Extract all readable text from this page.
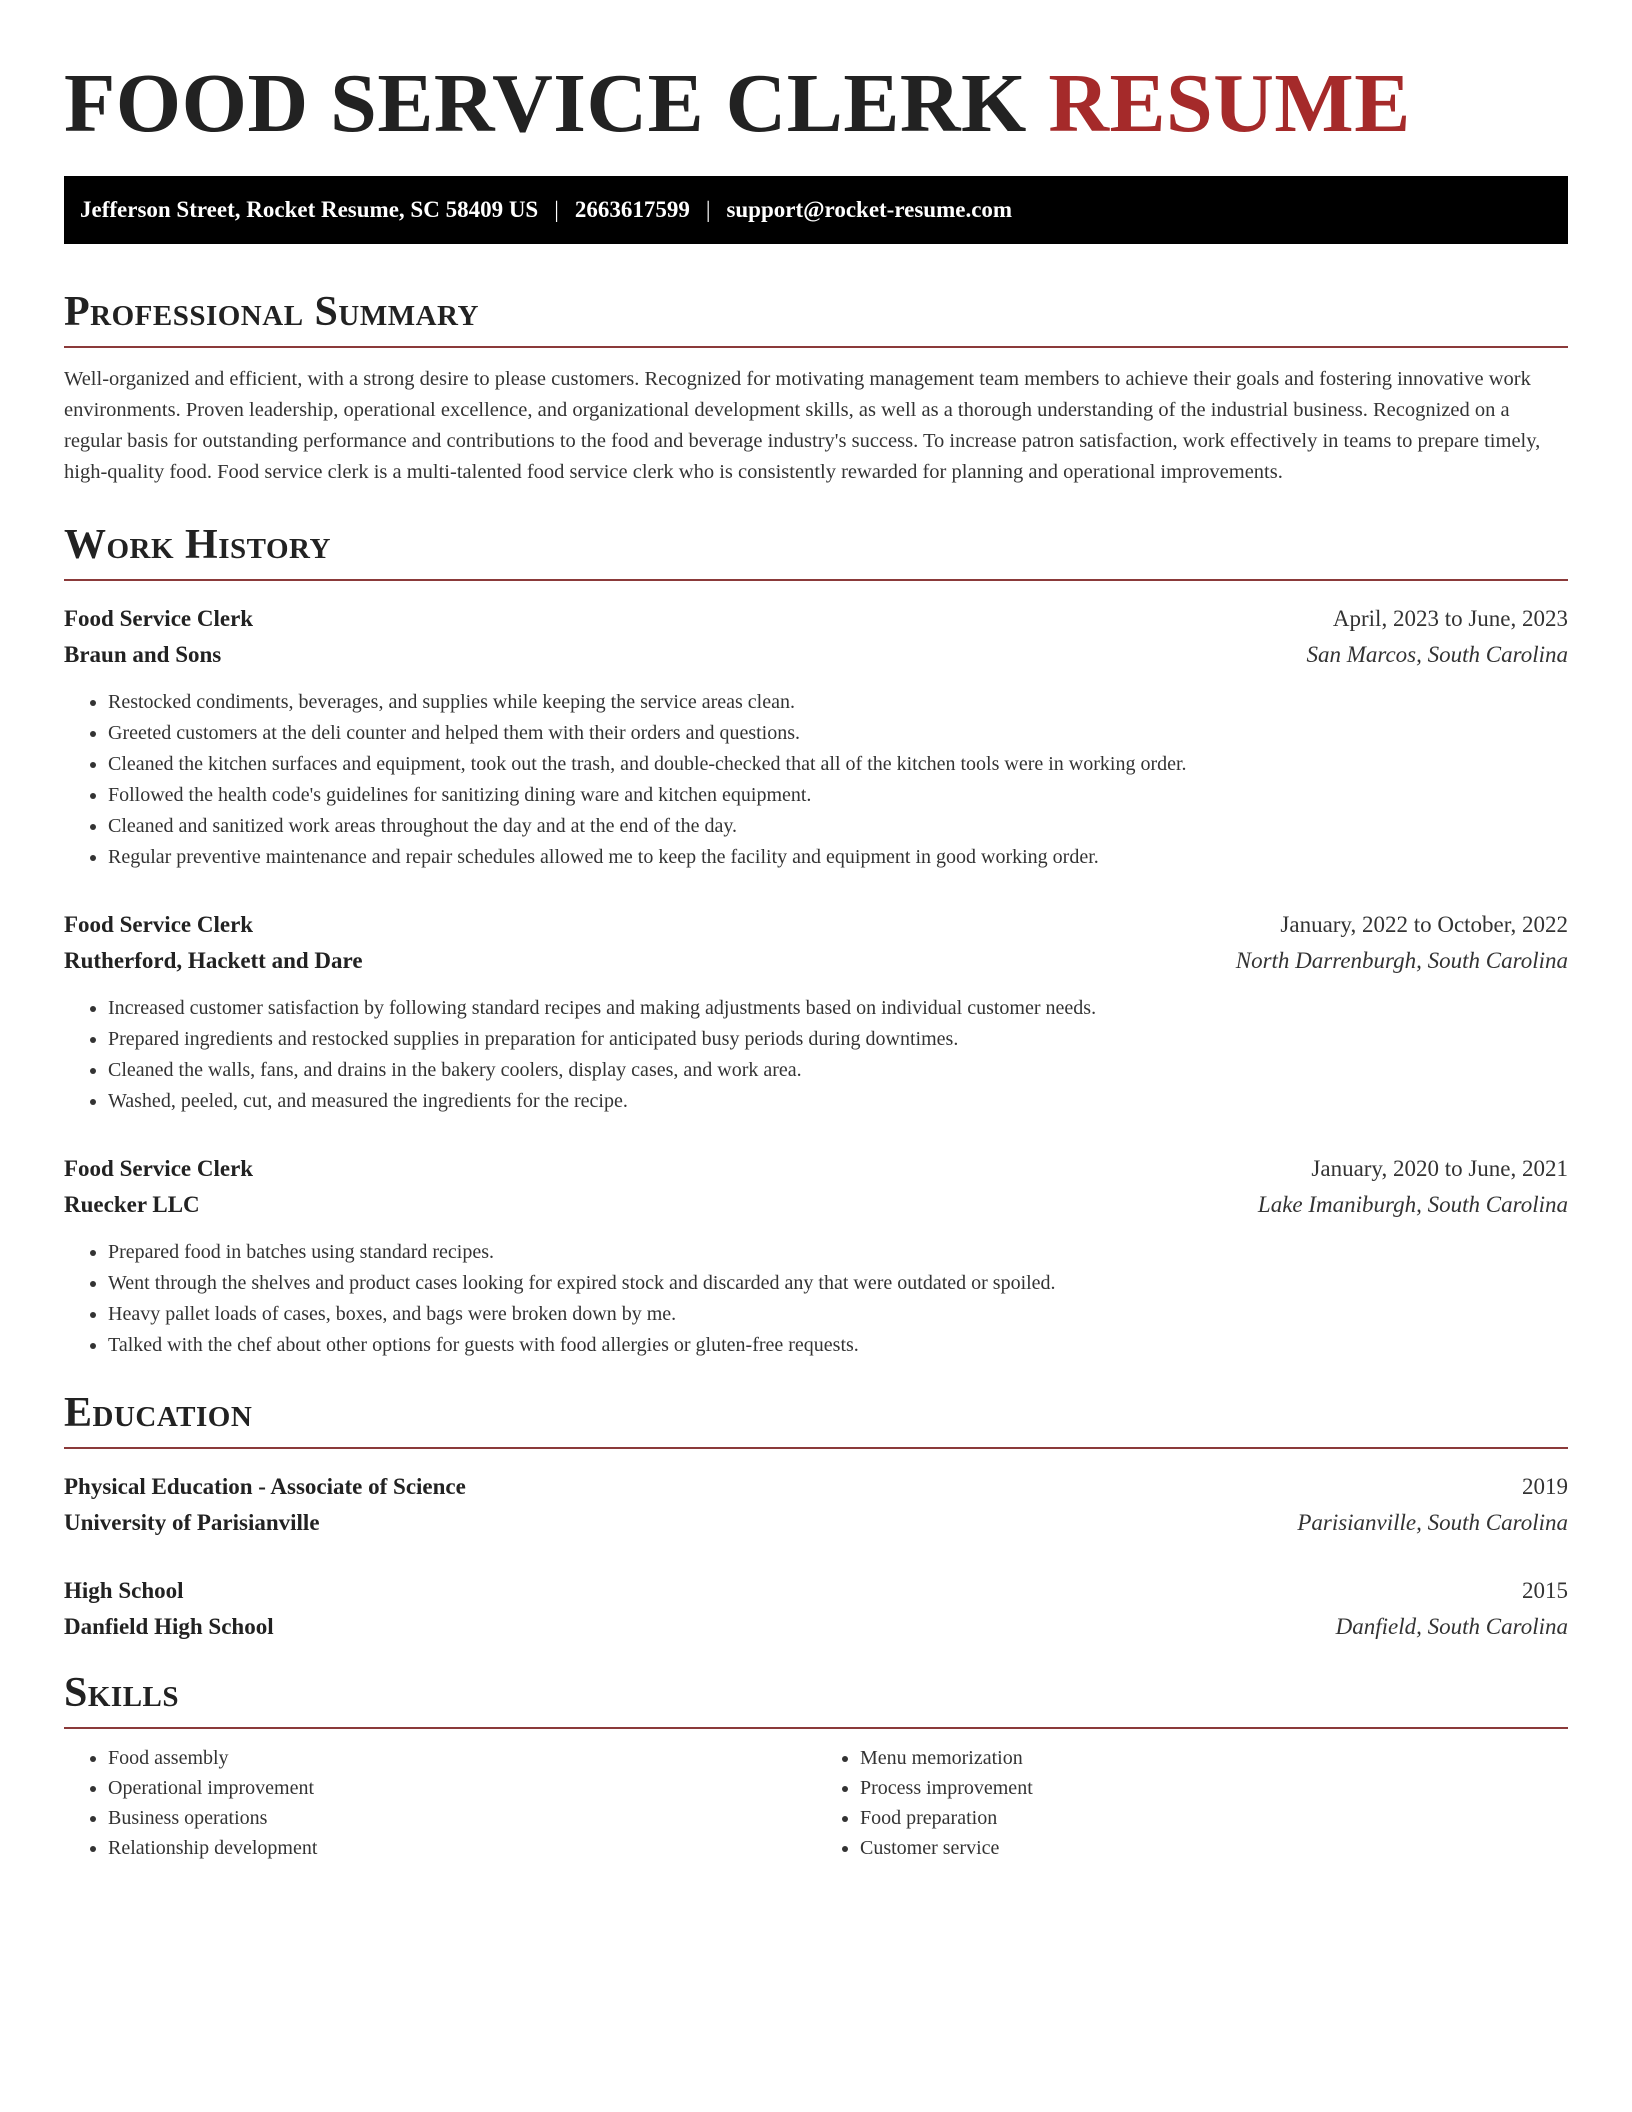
FOOD SERVICE CLERK RESUME
Jefferson Street, Rocket Resume, SC 58409 US | 2663617599 | support@rocket-resume.com
Professional Summary

Well-organized and efficient, with a strong desire to please customers. Recognized for motivating management team members to achieve their goals and fostering innovative work environments. Proven leadership, operational excellence, and organizational development skills, as well as a thorough understanding of the industrial business. Recognized on a regular basis for outstanding performance and contributions to the food and beverage industry's success. To increase patron satisfaction, work effectively in teams to prepare timely, high-quality food. Food service clerk is a multi-talented food service clerk who is consistently rewarded for planning and operational improvements.

Work History
Food Service Clerk	April, 2023 to June, 2023
Braun and Sons	San Marcos, South Carolina
• Restocked condiments, beverages, and supplies while keeping the service areas clean.
• Greeted customers at the deli counter and helped them with their orders and questions.
• Cleaned the kitchen surfaces and equipment, took out the trash, and double-checked that all of the kitchen tools were in working order.
• Followed the health code's guidelines for sanitizing dining ware and kitchen equipment.
• Cleaned and sanitized work areas throughout the day and at the end of the day.
• Regular preventive maintenance and repair schedules allowed me to keep the facility and equipment in good working order.
Food Service Clerk	January, 2022 to October, 2022
Rutherford, Hackett and Dare	North Darrenburgh, South Carolina
• Increased customer satisfaction by following standard recipes and making adjustments based on individual customer needs.
• Prepared ingredients and restocked supplies in preparation for anticipated busy periods during downtimes.
• Cleaned the walls, fans, and drains in the bakery coolers, display cases, and work area.
• Washed, peeled, cut, and measured the ingredients for the recipe.
Food Service Clerk	January, 2020 to June, 2021
Ruecker LLC	Lake Imaniburgh, South Carolina
• Prepared food in batches using standard recipes.
• Went through the shelves and product cases looking for expired stock and discarded any that were outdated or spoiled.
• Heavy pallet loads of cases, boxes, and bags were broken down by me.
• Talked with the chef about other options for guests with food allergies or gluten-free requests.
Education
Physical Education - Associate of Science	2019
University of Parisianville	Parisianville, South Carolina
High School	2015
Danfield High School	Danfield, South Carolina
Skills
• Food assembly
• Operational improvement
• Business operations
• Relationship development
• Menu memorization
• Process improvement
• Food preparation
• Customer service
